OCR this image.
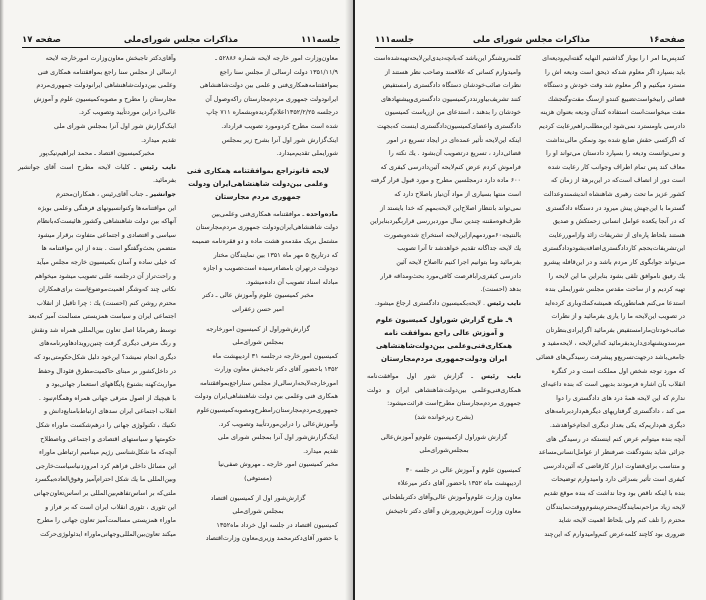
جلسه۱۱۱
مذاکرات مجلس شورای‌ملی
صفحه ۱۷

معاون‌وزارت امور خارجه لایحه شماره ۵۲۸۸۶ ـ

۱۳۵۱/۱۱/۹ دولت ارسالی از مجلس سنا راجع

بموافقتنامه‌همکاری‌فنی و علمی بین دولت‌شاهنشاهی

ایرانودولت جمهوری مردم‌مجارستان راکه‌وصول آن

درجلسه ۱۳۵۲/۲/۲۵اعلام‌گردیده‌وبشماره ۷۱۱ چاپ

شده است مطرح کردومورد تصویب قرارداد.

اینک‌گزارش شور اول آنرا بشرح زیر بمجلس

شورایملی تقدیم‌میدارد.

لایحه قانونراجع بموافقتنامه همکاری فنی

وعلمی بین‌دولت شاهنشاهی‌ایران ودولت

جمهوری مردم مجارستان

ماده‌واحده ـ موافقتنامه همکاری‌فنی وعلمی‌بین

دولت شاهنشاهی‌ایران‌ودولت جمهوری مردم‌مجارستان

مشتمل بریک مقدمه‌و هشت ماده و دو فقره‌نامه ضمیمه

که درتاریخ ۵ مهر ماه ۱۳۵۱ بین نمایندگان مختار

دودولت درتهران بامضاءرسیده است‌تصویب و اجازه

مبادله اسناد تصویب آن داده‌میشود.

مخبر کمیسیون علوم وآموزش عالی ـ دکتر

امیر حسن زعفرانی

گزارش‌شوراول از کمیسیون امورخارجه

بمجلس شورای‌ملی

کمیسیون امورخارجه درجلسه ۳۱ اردیبهشت ماه

۱۳۵۲ باحضور آقای دکتر تاجبخش معاون وزارت

امورخارجه‌لایحه‌ارسالی‌از مجلس سناراجع‌بموافقتنامه

همکاری فنی وعلمی بین دولت شاهنشاهی‌ایران ودولت

جمهوری‌مردم‌مجارستان‌رامطرح‌ومصوبه‌کمیسیون‌علوم

وآموزش‌عالی را دراین‌موردتأیید وتصویب کرد.

اینک‌گزارش‌شور اول آنرا بمجلس شورای ملی

تقدیم میدارد.

مخبر کمیسیون امور خارجه ـ مهروش صفی‌نیا

(مستوفی)

گزارش‌شور اول از کمیسیون اقتصاد

بمجلس شورای‌ملی

کمیسیون اقتصاد در جلسه اول خرداد ماه۱۳۵۲

با حضور آقای‌دکترمحمد وزیری‌معاون وزارت‌اقتصاد

وآقای‌دکتر تاجبخش معاون‌وزارت امورخارجه لایحه

ارسالی از مجلس سنا راجع بموافقتنامه همکاری فنی

وعلمی بین‌دولت‌شاهنشاهی ایرانودولت جمهوری‌مردم

مجارستان را مطرح و مصوبه‌کمیسیون علوم و آموزش

عالی‌را دراین موردتأیید وتصویب کرد.

اینک‌گزارش شور اول آنرا بمجلس شورای ملی

تقدیم میدارد.

مخبرکمیسیون اقتصاد ـ محمد ابراهیم‌نیک‌پور

نایب رئیس ـ کلیات لایحه مطرح است آقای جوانشیر بفرمائید.

جوانشیر ـ جناب آقای‌رئیس ، همکاران‌محترم

این مواقتنامه‌ها وکنوانسیونهای فرهنگی وعلمی بویژه

آنهاکه بین دولت شاهنشاهی وکشور هائیست‌که‌بانظام

سیاسی و اقتصادی و اجتماعی متفاوت برقرار میشود

متضمن بحث‌وگفتگو است . بنده از این مواقتنامه ها

که خیلی ساده و آسان بکمیسیون خارجه مجلس میآید

و راحت‌تراز آن درجلسه علنی تصویب میشود میخواهم

نکاتی چند که‌وشگر اهمیت‌موضوع‌است برای‌همکاران

محترم روشن کنم (احسنت) یك : چرا تاقبل از انقلاب

اجتماعی ایران و سیاست همزیستی مسالمت آمیز که‌بعد

توسط رهبرمابا اصل تعاون بین‌المللی همراه شد ونقش

و رنگ مترقی دیگری گرفت چنین‌رویدادهاوبرنامه‌های

دیگری انجام نمیشد؟ این‌خود دلیل شکل‌حکومتی‌بود که

در داخل‌کشور بر مبنای حاکمیت‌مطرق فئودال وحفظ

مواریث‌کهنه بشنوع پایگاههای استعمار جهانی‌بود و

با هیچیك از اصول مترقی جهانی همراه وهمگام‌نبود .

انقلاب اجتماعی ایران سدهای ارتباط‌بامنابع‌دانش و

تکنیك ، تکنولوژی جهانی را درهم‌شکست ماوراء شکل

حکومتها و سیاستهای اقتصادی و اجتماعی وباصطلاح

آنچه‌که ما شکل‌شناسی رژیم مینامیم ارتباطی ماوراء

این مسائل داخلی فراهم کرد امروزدنیاسیاست‌خارجی

وبین‌المللی ما یك شکل احترام‌آمیز وفوق‌العاده‌ببگسرد

ملتی‌که بر اساس‌تفاهم‌بین‌المللی بر اساس‌تعاون‌جهانی

این تئوری ، تئوری انقلاب ایران است که بر فراز و

ماوراء همزیستی مسالمت‌آمیز تعاون جهانی را مطرح

میکند تعاون‌بین‌المللی‌وجهانی‌ماوراء ایدئولوژی‌حرکت

صفحه۱۶
مذاکرات مجلس شورای ملی
جلسه۱۱۱

کندپس‌ما امر ا را بوباز گذاشتیم النهایه گفته‌ایم‌ودیعه‌ای

باید بسپارد اگر معلوم شدکه ذیحق است ودیعه اش را

مسترد میکنیم و اگر معلوم شد وقت خودش و دستگاه

قضائی رابیخواست‌تضییع کنندو ازسنگ مفت‌وگنجشك

مفت میخواست‌است استفاده کندآن ودیعه بعنوان هزینه

دادرسی باومسترد نمی‌شود این‌مطلب‌راهم‌رعایت کردیم

که اگرکسی حقش ضایع شده بود ونمکن مالی‌نداشت

و نمی‌توانست ودیعه را بسپارد دادستان می‌تواند او را

معاف کند پس تمام اطراف وجوانب کار رعایت شده

است دور از انصاف است‌که در این‌برهة از زمان که

کشور عزیز ما تحت رهبری شاهنشاه اندیشمندوعدالت

گسترما با این‌جهش پیش میرود در دستگاه دادگستری

که در آنجا یکعده عوامل انسانی زحمتکش و صدیق

هستند بلحاظ پاره‌ای از تشریفات زائد وازاموررعایت

این‌تشریفات‌بحجم کاردادگستری‌اضافه‌بشودودادگستری

می‌تواند جوابگوی کار مردم باشد و در این‌قافله پیشرو

یك رفیق ناموافق تلقی بشود بنابراین ما این لایحه را

تهیه کردیم و از ساحت مقدس مجلس شورایملی بنده

استدعا می‌کنم همانطوریکه همیشه‌کمك‌وباری کرده‌اید

در تصویب این‌لایحه ما را یاری بفرمائید و از نظرات

صائب‌خودتان‌مارا‌مستفیض بفرمائید اگرایرادی‌بنظرتان

میرسدویشنهادی‌داریدبفرمائید که‌این‌لایحه ، لایحه‌مفید و

جامعی‌باشد درجهت‌تسریع‌و پیشرفت رسیدگی‌های قضائی

که مورد توجه شخص اول مملکت است و در کنگره

انقلاب بآن اشاره فرمودند بدیهی است که بنده داعیه‌ای

ندارم که این لایحه همهٔ درد های دادگستری را دوا

می کند ، دادگستری گرفتاریهای دیگرهم‌داردبرنامه‌های

دیگری هم‌داریم‌که یکی بعداز دیگری انجام‌خواهدشد.

آنچه بنده میتوانم عرض کنم اینستکه در رسیدگی های

جزائی شاید بشودگفت صرفنظر از عوامل‌انسانی‌مساعد

و متناسب برای‌قضاوت ابزار کارقاضی که آئین‌دادرسی

کیفری است تأثیر بسزائی دارد وامیدوارم توضیحات

بنده با اینکه ناقص بود وجا نداشت که بنده موقع تقدیم

لایحه زیاد مزاحم‌نمایندگان‌محترم‌بشوم‌ووقت‌نمایندگان

محترم را تلف کنم ولی بلحاظ اهمیت لایحه شاید

ضروری بود کاچند کلمه‌عرض کنم‌وامیدوارم که این‌چند

کلمه‌روشنگر این‌باشد که‌بانچه‌دیدی‌این‌لایحه‌تهیه‌شده‌است

وامیدوارم کسانی که علاقمند وصاحب نظر هستند از

نظرات صائب‌خودشان دستگاه دادگستری رامستفیض

کنند تشریف‌بیاورندد‌رکمیسیون دادگستری‌وپیشنهادهای

خودشان را بدهند ، استدعای من ازریاست کمیسیون

دادگستری واعضای‌کمیسیون‌دادگستری اینست که‌بجهت

اینکه این‌لایحه تأثیر عمده‌ای در ایجاد تسریع در امور

قضائی‌دارد ، تسریع درتصویب آن‌بشود . یك نکته را

فراموش کردم عرض کنم‌لایحه آئین‌دادرسی کیفری که

۶۰۰ ماده دارد درمجلسین مطرح و مورد قبول قرار گرفته

است منتها بسیاری از مواد آن‌نیاز باصلاح دارد که

نمی‌تواند بانتظار اصلاح‌این لایحه‌بمهم که خدا بایستد از

طرف‌قوه‌مقننه چندین سال موردبررسی قراربگیرد‌بنابراین

بالنتیجه۶۰موردمهم‌ازاین‌لایحه استخراج شده‌وبصورت

یك لایحه جداگانه تقدیم خواهدشد تا آنرا تصویب

بفرمائید وما بتوانیم اجرا کنیم تااصلاح لایحه آئین

دادرسی کیفری‌رابافرصت کافی‌مورد بحث‌ومداقه قرار

بدهد (احسنت).

نایب رئیس . لایحه‌بکمیسیون دادگستری ارجاع میشود.

۹ـ طرح گزارش شوراول کمیسیون علوم

و آموزش عالی راجع بموافقت نامه

همکاری‌فنی‌وعلمی بین‌دولت‌شاهنشاهی

ایران ودولت‌جمهوری مردم‌مجارستان

نایب رئیس ـ گزارش شور اول موافقت‌نامه همکاری‌فنی‌وعلمی بین‌دولت‌شاهنشاهی ایران و دولت جمهوری مردم‌مجارستان مطرح‌است قرائت‌میشود:

(بشرح زیرخوانده شد)

گزارش شوراول ازکمیسیون علوم‌و آموزش‌عالی

بمجلس‌شورای‌ملی

کمیسیون علوم و آموزش عالی در جلسه ۳۰

اردیبهشت ماه ۱۳۵۲ باحضور آقای دکتر میرعلاء

معاون وزارت علوم‌وآموزش عالی‌وآقای دکتر‌بلطحانی

معاون وزارت آموزش‌وپرورش و آقای دکتر تاجبخش
